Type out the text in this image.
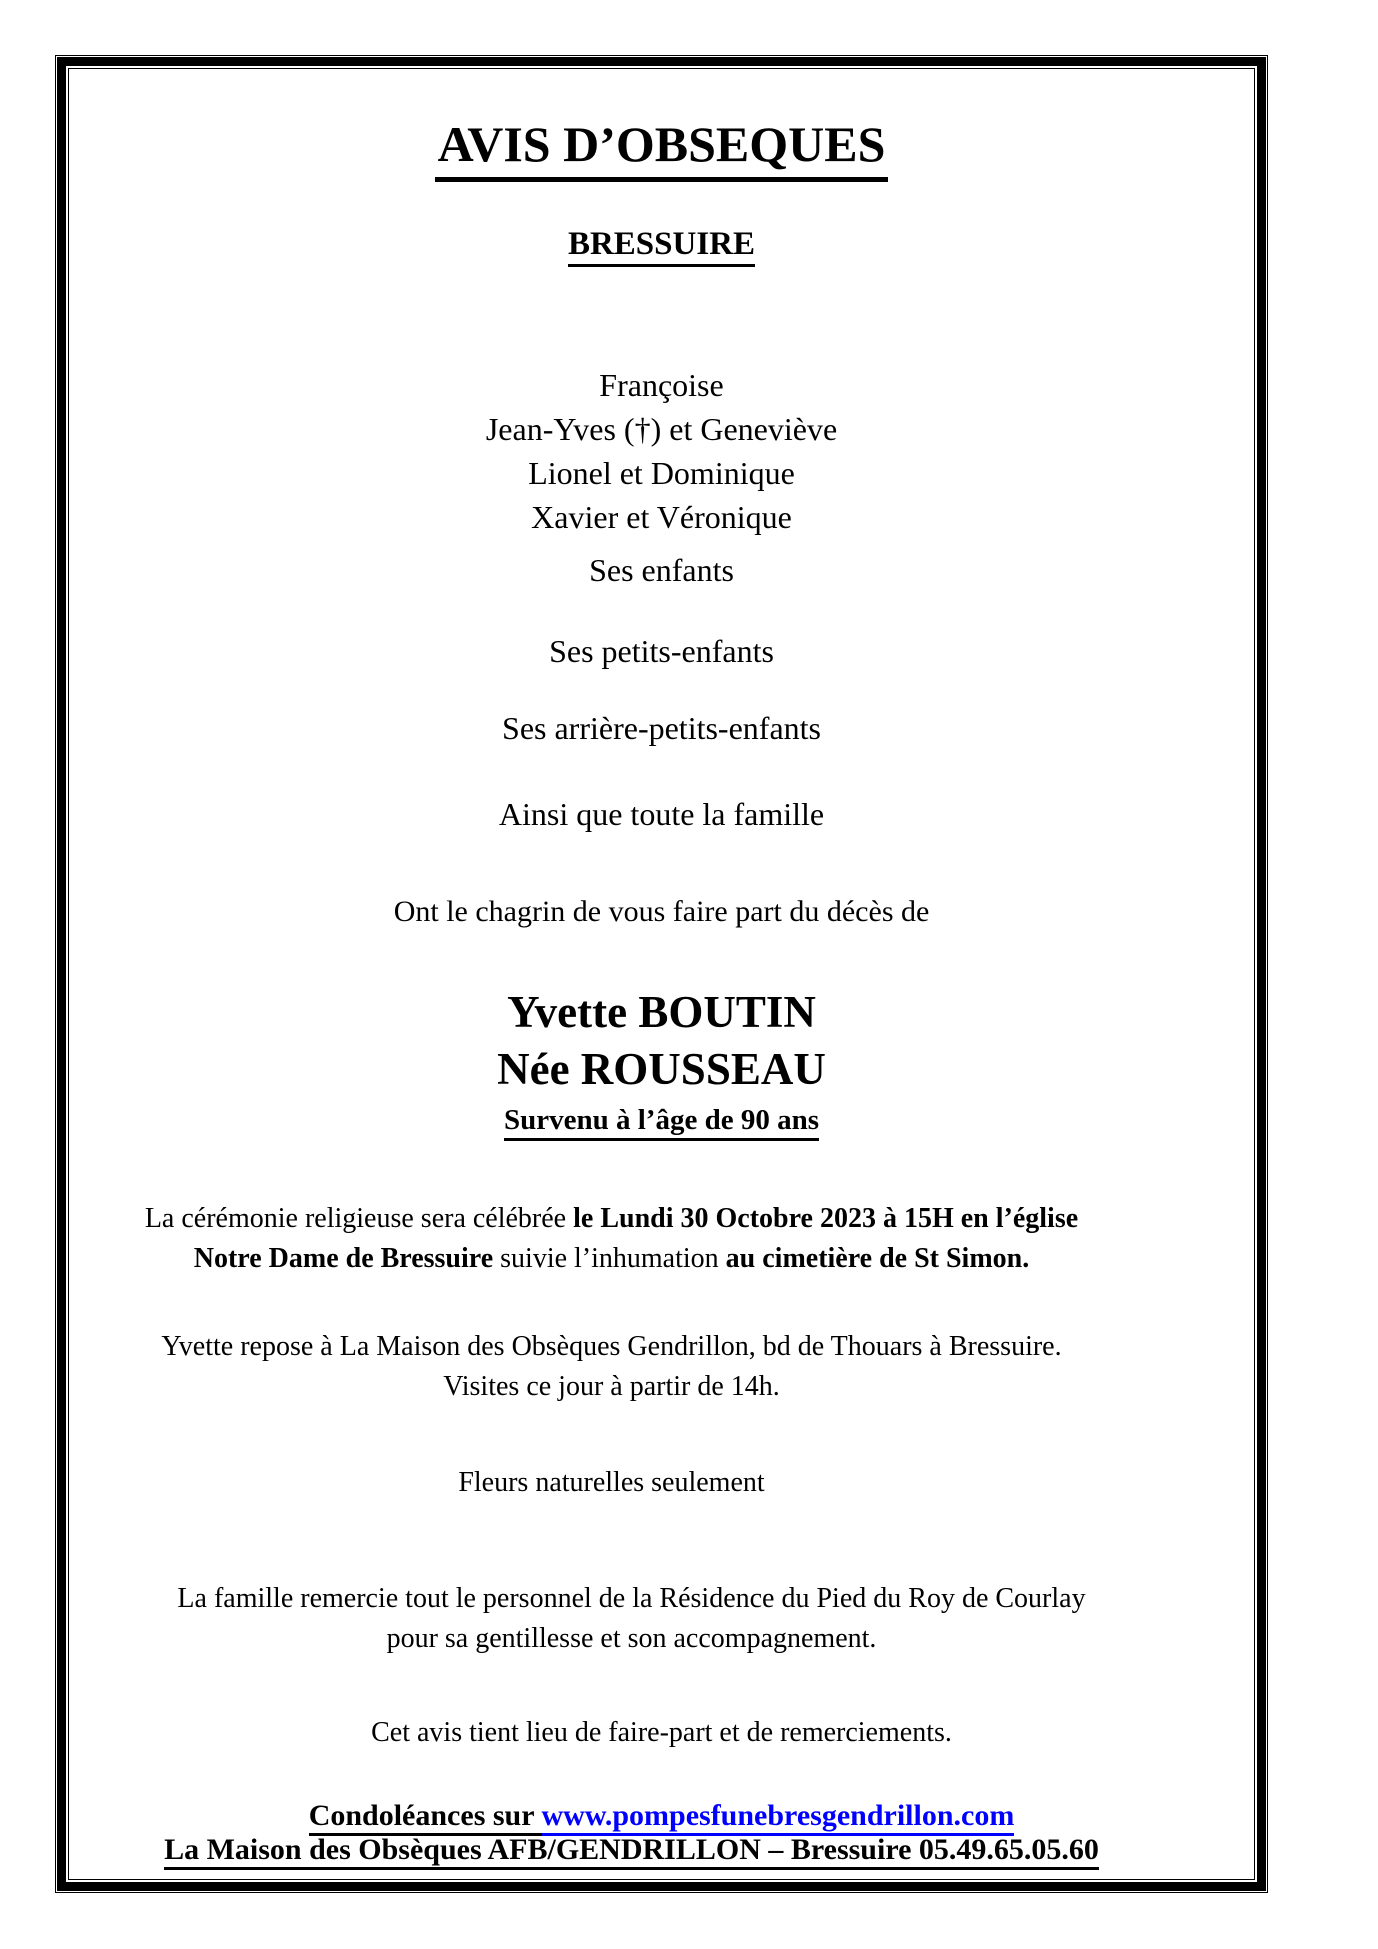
AVIS D’OBSEQUES
BRESSUIRE
Françoise
Jean-Yves (†) et Geneviève
Lionel et Dominique
Xavier et Véronique
Ses enfants
Ses petits-enfants
Ses arrière-petits-enfants
Ainsi que toute la famille
Ont le chagrin de vous faire part du décès de
Yvette BOUTIN
Née ROUSSEAU
Survenu à l’âge de 90 ans
La cérémonie religieuse sera célébrée le Lundi 30 Octobre 2023 à 15H en l’église
Notre Dame de Bressuire suivie l’inhumation au cimetière de St Simon.
Yvette repose à La Maison des Obsèques Gendrillon, bd de Thouars à Bressuire.
Visites ce jour à partir de 14h.
Fleurs naturelles seulement
La famille remercie tout le personnel de la Résidence du Pied du Roy de Courlay
pour sa gentillesse et son accompagnement.
Cet avis tient lieu de faire-part et de remerciements.
Condoléances sur www.pompesfunebresgendrillon.com
La Maison des Obsèques AFB/GENDRILLON – Bressuire 05.49.65.05.60
